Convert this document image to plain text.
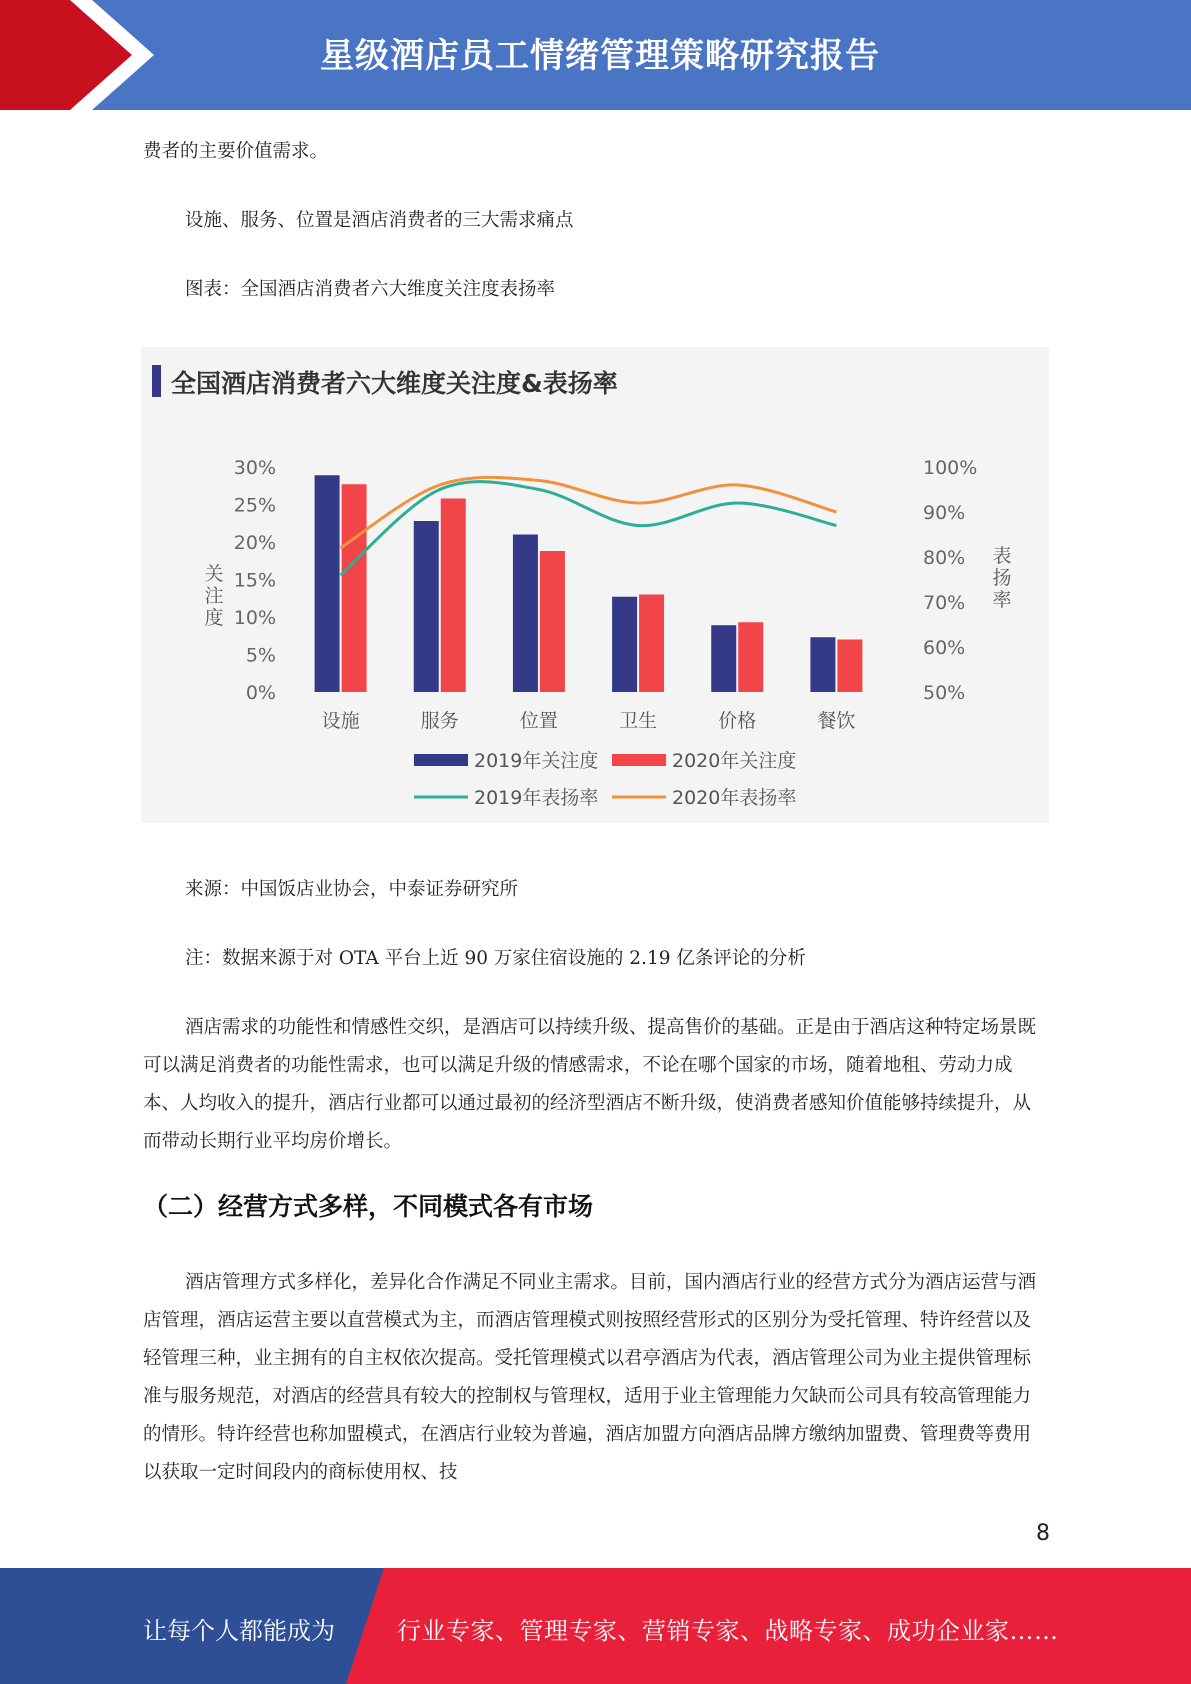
星级酒店员工情绪管理策略研究报告
费者的主要价值需求。
设施、服务、位置是酒店消费者的三大需求痛点
图表：全国酒店消费者六大维度关注度表扬率
全国酒店消费者六大维度关注度&表扬率
0%
5%
10%
15%
20%
25%
30%
50%
60%
70%
80%
90%
100%
关
注
度
表
扬
率
设施	服务	位置	卫生	价格	餐饮
2019年关注度	2020年关注度
2019年表扬率	2020年表扬率
来源：中国饭店业协会，中泰证券研究所
注：数据来源于对 OTA 平台上近 90 万家住宿设施的 2.19 亿条评论的分析
酒店需求的功能性和情感性交织，是酒店可以持续升级、提高售价的基础。正是由于酒店这种特定场景既可以满足消费者的功能性需求，也可以满足升级的情感需求，不论在哪个国家的市场，随着地租、劳动力成本、人均收入的提升，酒店行业都可以通过最初的经济型酒店不断升级，使消费者感知价值能够持续提升，从而带动长期行业平均房价增长。
（二）经营方式多样，不同模式各有市场
酒店管理方式多样化，差异化合作满足不同业主需求。目前，国内酒店行业的经营方式分为酒店运营与酒店管理，酒店运营主要以直营模式为主，而酒店管理模式则按照经营形式的区别分为受托管理、特许经营以及轻管理三种，业主拥有的自主权依次提高。受托管理模式以君亭酒店为代表，酒店管理公司为业主提供管理标准与服务规范，对酒店的经营具有较大的控制权与管理权，适用于业主管理能力欠缺而公司具有较高管理能力的情形。特许经营也称加盟模式，在酒店行业较为普遍，酒店加盟方向酒店品牌方缴纳加盟费、管理费等费用以获取一定时间段内的商标使用权、技
8
让每个人都能成为	行业专家、管理专家、营销专家、战略专家、成功企业家……
